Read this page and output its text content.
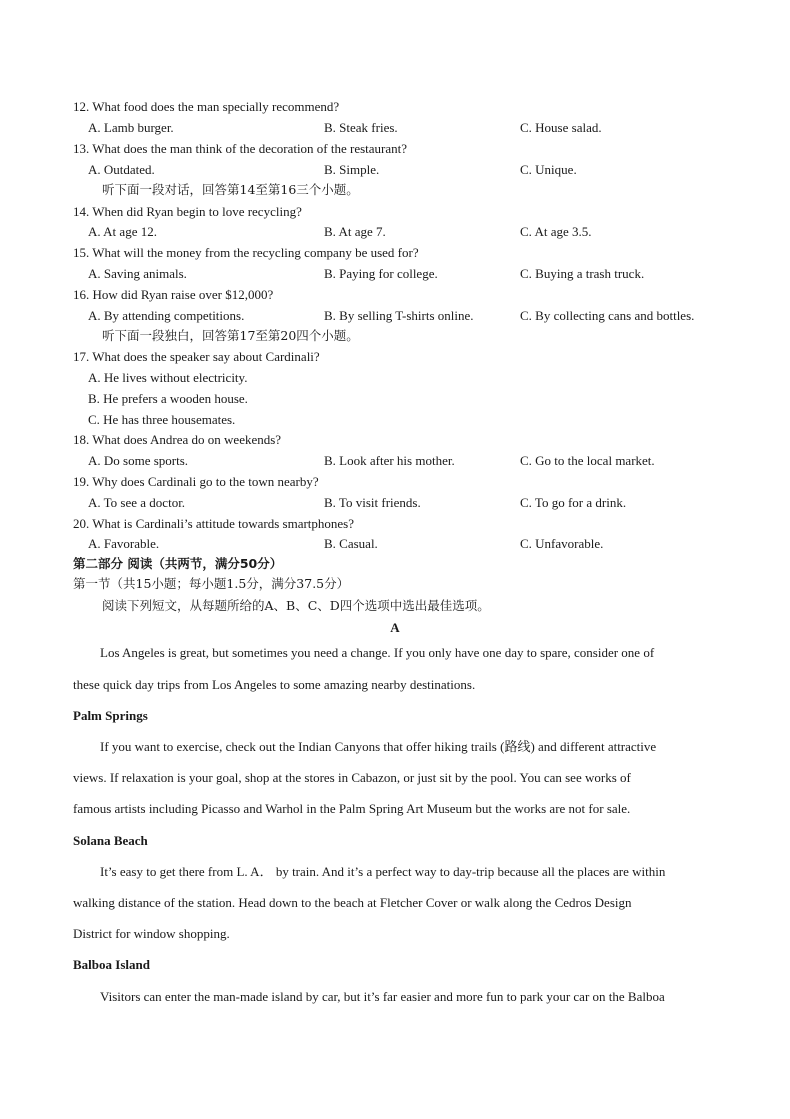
12. What food does the man specially recommend?
A. Lamb burger.	B. Steak fries.	C. House salad.
13. What does the man think of the decoration of the restaurant?
A. Outdated.	B. Simple.	C. Unique.
听下面一段对话，回答第14至第16三个小题。
14. When did Ryan begin to love recycling?
A. At age 12.	B. At age 7.	C. At age 3.5.
15. What will the money from the recycling company be used for?
A. Saving animals.	B. Paying for college.	C. Buying a trash truck.
16. How did Ryan raise over $12,000?
A. By attending competitions.	B. By selling T-shirts online.	C. By collecting cans and bottles.
听下面一段独白，回答第17至第20四个小题。
17. What does the speaker say about Cardinali?
A. He lives without electricity.
B. He prefers a wooden house.
C. He has three housemates.
18. What does Andrea do on weekends?
A. Do some sports.	B. Look after his mother.	C. Go to the local market.
19. Why does Cardinali go to the town nearby?
A. To see a doctor.	B. To visit friends.	C. To go for a drink.
20. What is Cardinali’s attitude towards smartphones?
A. Favorable.	B. Casual.	C. Unfavorable.
第二部分 阅读（共两节，满分50分）
第一节（共15小题；每小题1.5分，满分37.5分）
阅读下列短文，从每题所给的A、B、C、D四个选项中选出最佳选项。
A
Los Angeles is great, but sometimes you need a change. If you only have one day to spare, consider one of
these quick day trips from Los Angeles to some amazing nearby destinations.
Palm Springs
If you want to exercise, check out the Indian Canyons that offer hiking trails (路线) and different attractive
views. If relaxation is your goal, shop at the stores in Cabazon, or just sit by the pool. You can see works of
famous artists including Picasso and Warhol in the Palm Spring Art Museum but the works are not for sale.
Solana Beach
It’s easy to get there from L. A． by train. And it’s a perfect way to day-trip because all the places are within
walking distance of the station. Head down to the beach at Fletcher Cover or walk along the Cedros Design
District for window shopping.
Balboa Island
Visitors can enter the man-made island by car, but it’s far easier and more fun to park your car on the Balboa
